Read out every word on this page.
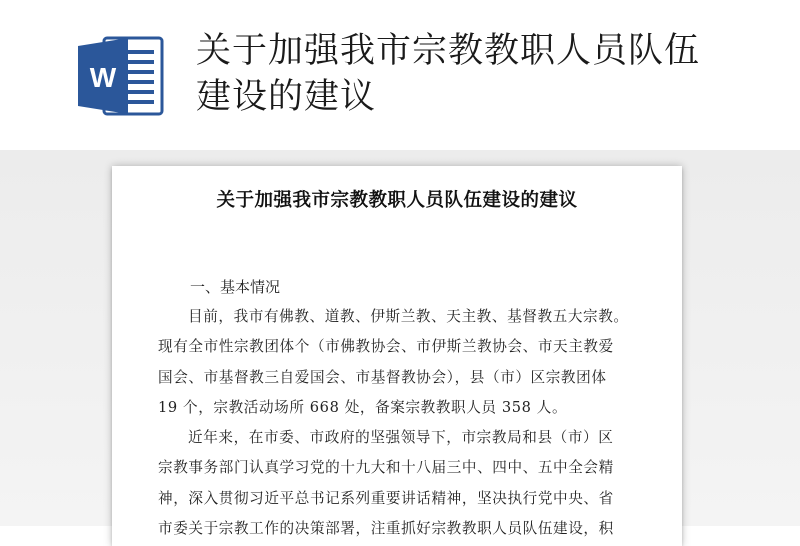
W
关于加强我市宗教教职人员队伍
建设的建议
关于加强我市宗教教职人员队伍建设的建议
一、基本情况
目前，我市有佛教、道教、伊斯兰教、天主教、基督教五大宗教。
现有全市性宗教团体个（市佛教协会、市伊斯兰教协会、市天主教爱
国会、市基督教三自爱国会、市基督教协会），县（市）区宗教团体
19 个，宗教活动场所 668 处，备案宗教教职人员 358 人。
近年来，在市委、市政府的坚强领导下，市宗教局和县（市）区
宗教事务部门认真学习党的十九大和十八届三中、四中、五中全会精
神，深入贯彻习近平总书记系列重要讲话精神，坚决执行党中央、省
市委关于宗教工作的决策部署，注重抓好宗教教职人员队伍建设，积
